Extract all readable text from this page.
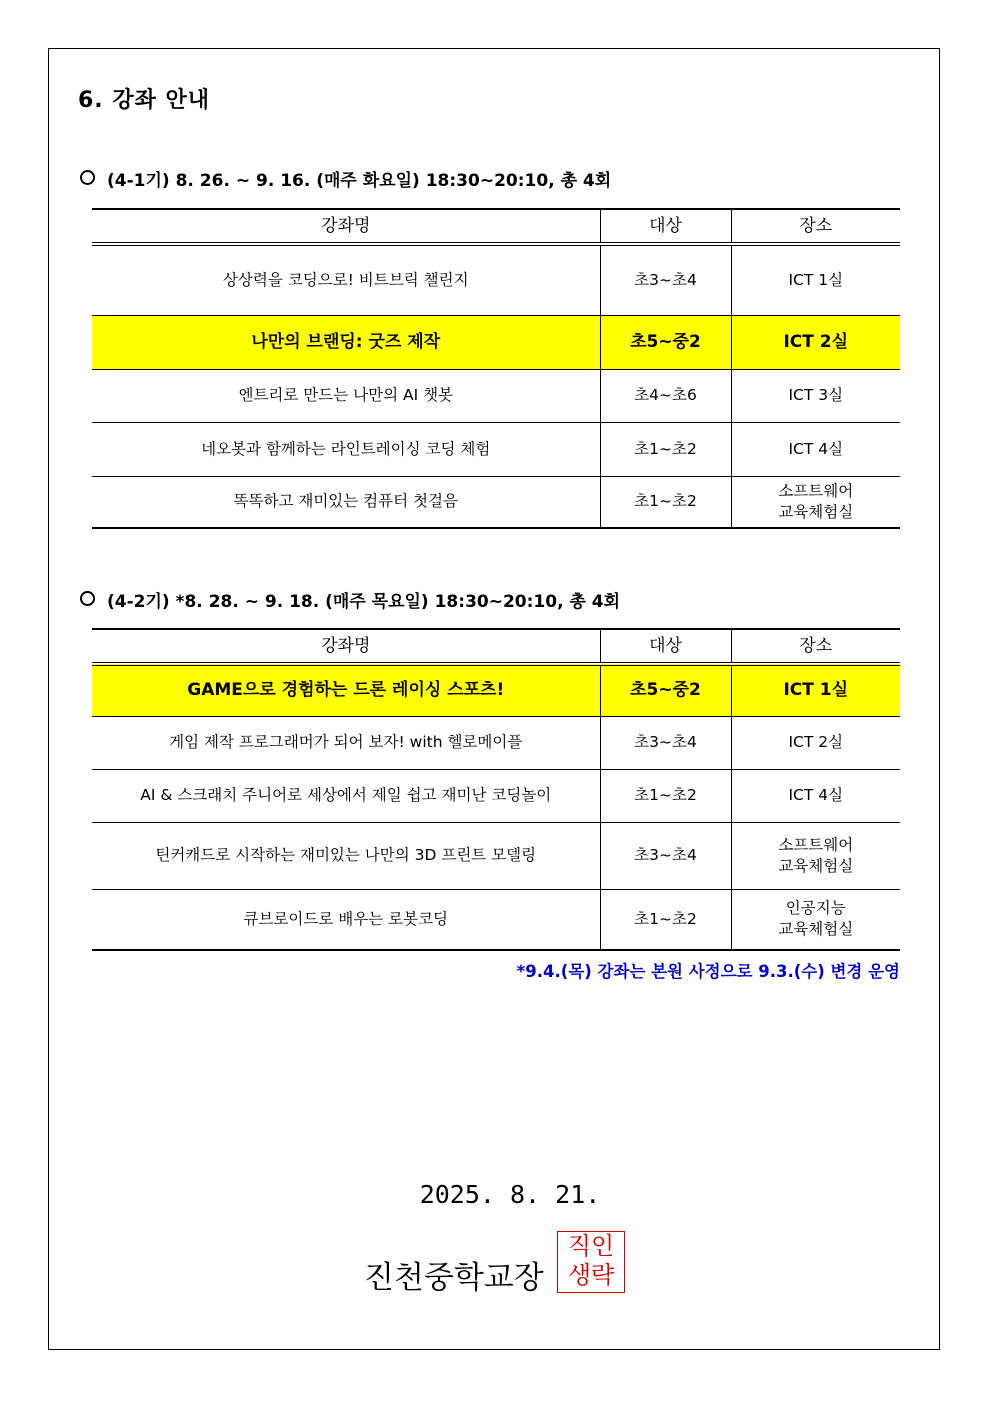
6. 강좌 안내
(4-1기) 8. 26. ~ 9. 16. (매주 화요일) 18:30~20:10, 총 4회
강좌명	대상	장소
상상력을 코딩으로! 비트브릭 챌린지	초3~초4	ICT 1실
나만의 브랜딩: 굿즈 제작	초5~중2	ICT 2실
엔트리로 만드는 나만의 AI 챗봇	초4~초6	ICT 3실
네오봇과 함께하는 라인트레이싱 코딩 체험	초1~초2	ICT 4실
똑똑하고 재미있는 컴퓨터 첫걸음	초1~초2	소프트웨어
교육체험실
(4-2기) *8. 28. ~ 9. 18. (매주 목요일) 18:30~20:10, 총 4회
강좌명	대상	장소
GAME으로 경험하는 드론 레이싱 스포츠!	초5~중2	ICT 1실
게임 제작 프로그래머가 되어 보자! with 헬로메이플	초3~초4	ICT 2실
AI & 스크래치 주니어로 세상에서 제일 쉽고 재미난 코딩놀이	초1~초2	ICT 4실
틴커캐드로 시작하는 재미있는 나만의 3D 프린트 모델링	초3~초4	소프트웨어
교육체험실
큐브로이드로 배우는 로봇코딩	초1~초2	인공지능
교육체험실
*9.4.(목) 강좌는 본원 사정으로 9.3.(수) 변경 운영
2025. 8. 21.
진천중학교장
직인
생략
